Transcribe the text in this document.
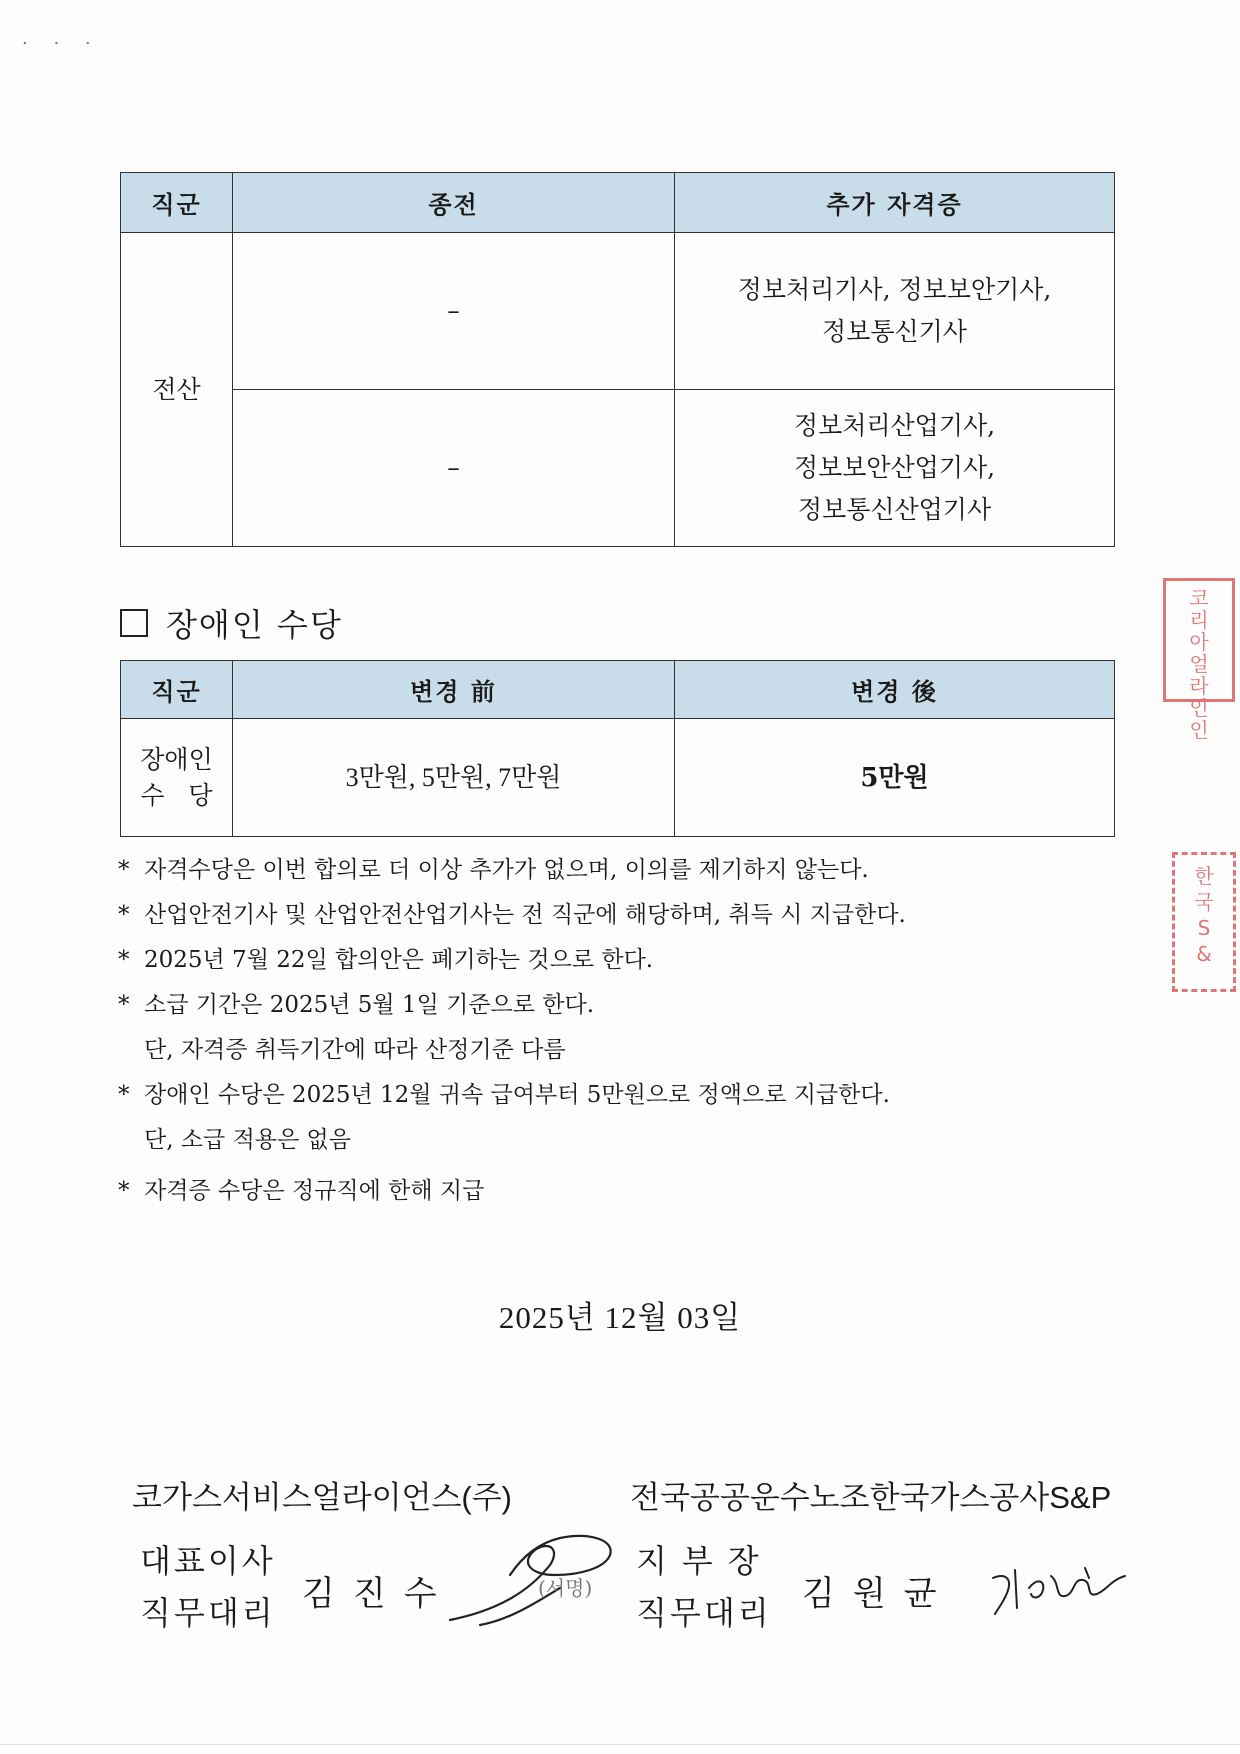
. . .
직군	종전	추가 자격증
전산	–	정보처리기사, 정보보안기사,
정보통신기사

	–	정보처리산업기사,
정보보안산업기사,
정보통신산업기사
장애인 수당
직군	변경 前	변경 後

장애인
수   당	3만원, 5만원, 7만원	5만원
* 자격수당은 이번 합의로 더 이상 추가가 없으며, 이의를 제기하지 않는다.
* 산업안전기사 및 산업안전산업기사는 전 직군에 해당하며, 취득 시 지급한다.
* 2025년 7월 22일 합의안은 폐기하는 것으로 한다.
* 소급 기간은 2025년 5월 1일 기준으로 한다.
단, 자격증 취득기간에 따라 산정기준 다름
* 장애인 수당은 2025년 12월 귀속 급여부터 5만원으로 정액으로 지급한다.
단, 소급 적용은 없음
* 자격증 수당은 정규직에 한해 지급
2025년 12월 03일
코가스서비스얼라이언스(주)
대표이사
직무대리 김진수	(서명)
전국공공운수노조한국가스공사S&P
지 부 장
직무대리 김원균
코리아얼라인인
한국S&
